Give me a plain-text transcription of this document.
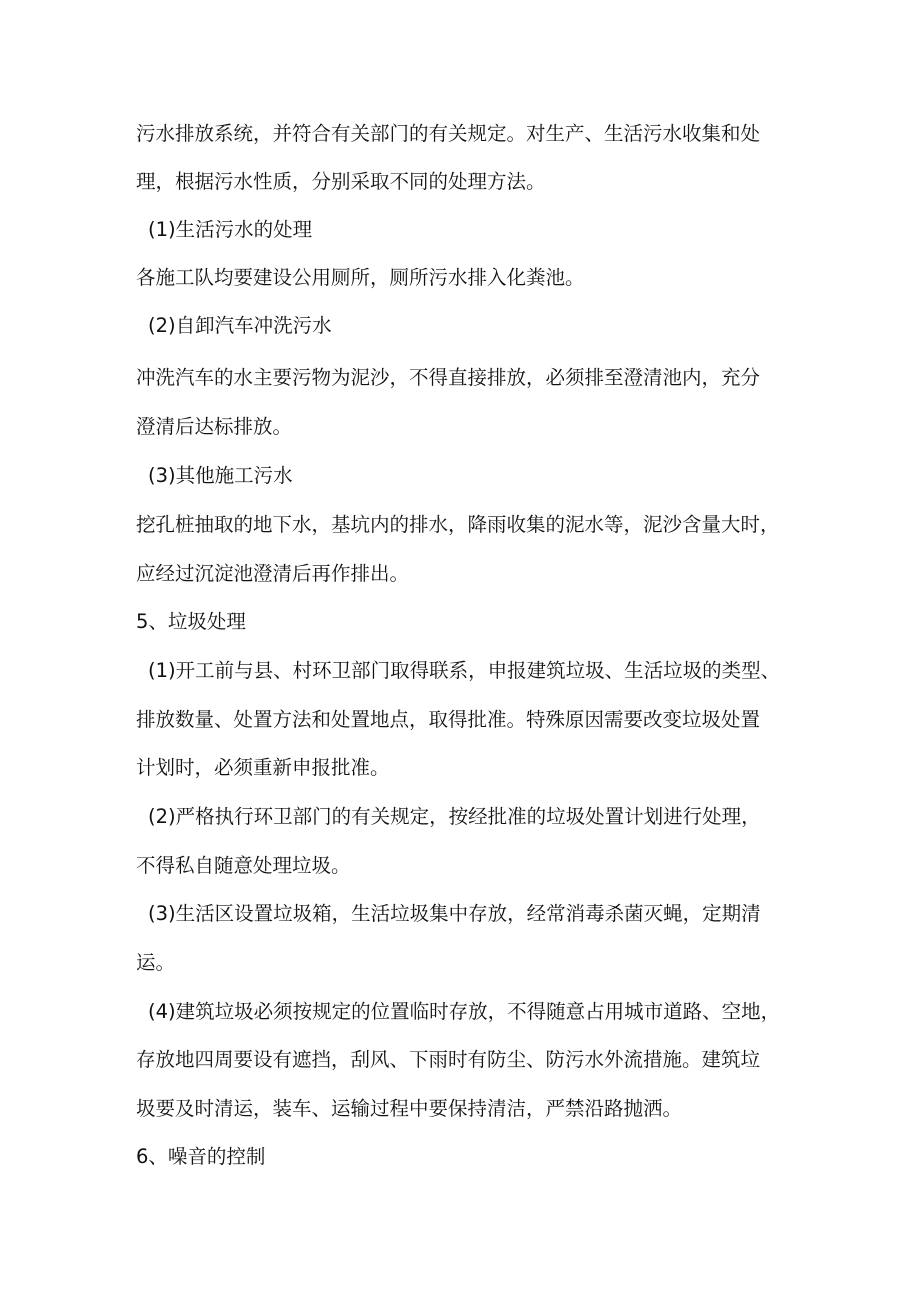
污水排放系统，并符合有关部门的有关规定。对生产、生活污水收集和处

理，根据污水性质，分别采取不同的处理方法。

(1)生活污水的处理

各施工队均要建设公用厕所，厕所污水排入化粪池。

(2)自卸汽车冲洗污水

冲洗汽车的水主要污物为泥沙，不得直接排放，必须排至澄清池内，充分

澄清后达标排放。

(3)其他施工污水

挖孔桩抽取的地下水，基坑内的排水，降雨收集的泥水等，泥沙含量大时，

应经过沉淀池澄清后再作排出。

5、垃圾处理

(1)开工前与县、村环卫部门取得联系，申报建筑垃圾、生活垃圾的类型、

排放数量、处置方法和处置地点，取得批准。特殊原因需要改变垃圾处置

计划时，必须重新申报批准。

(2)严格执行环卫部门的有关规定，按经批准的垃圾处置计划进行处理，

不得私自随意处理垃圾。

(3)生活区设置垃圾箱，生活垃圾集中存放，经常消毒杀菌灭蝇，定期清

运。

(4)建筑垃圾必须按规定的位置临时存放，不得随意占用城市道路、空地，

存放地四周要设有遮挡，刮风、下雨时有防尘、防污水外流措施。建筑垃

圾要及时清运，装车、运输过程中要保持清洁，严禁沿路抛洒。

6、噪音的控制
